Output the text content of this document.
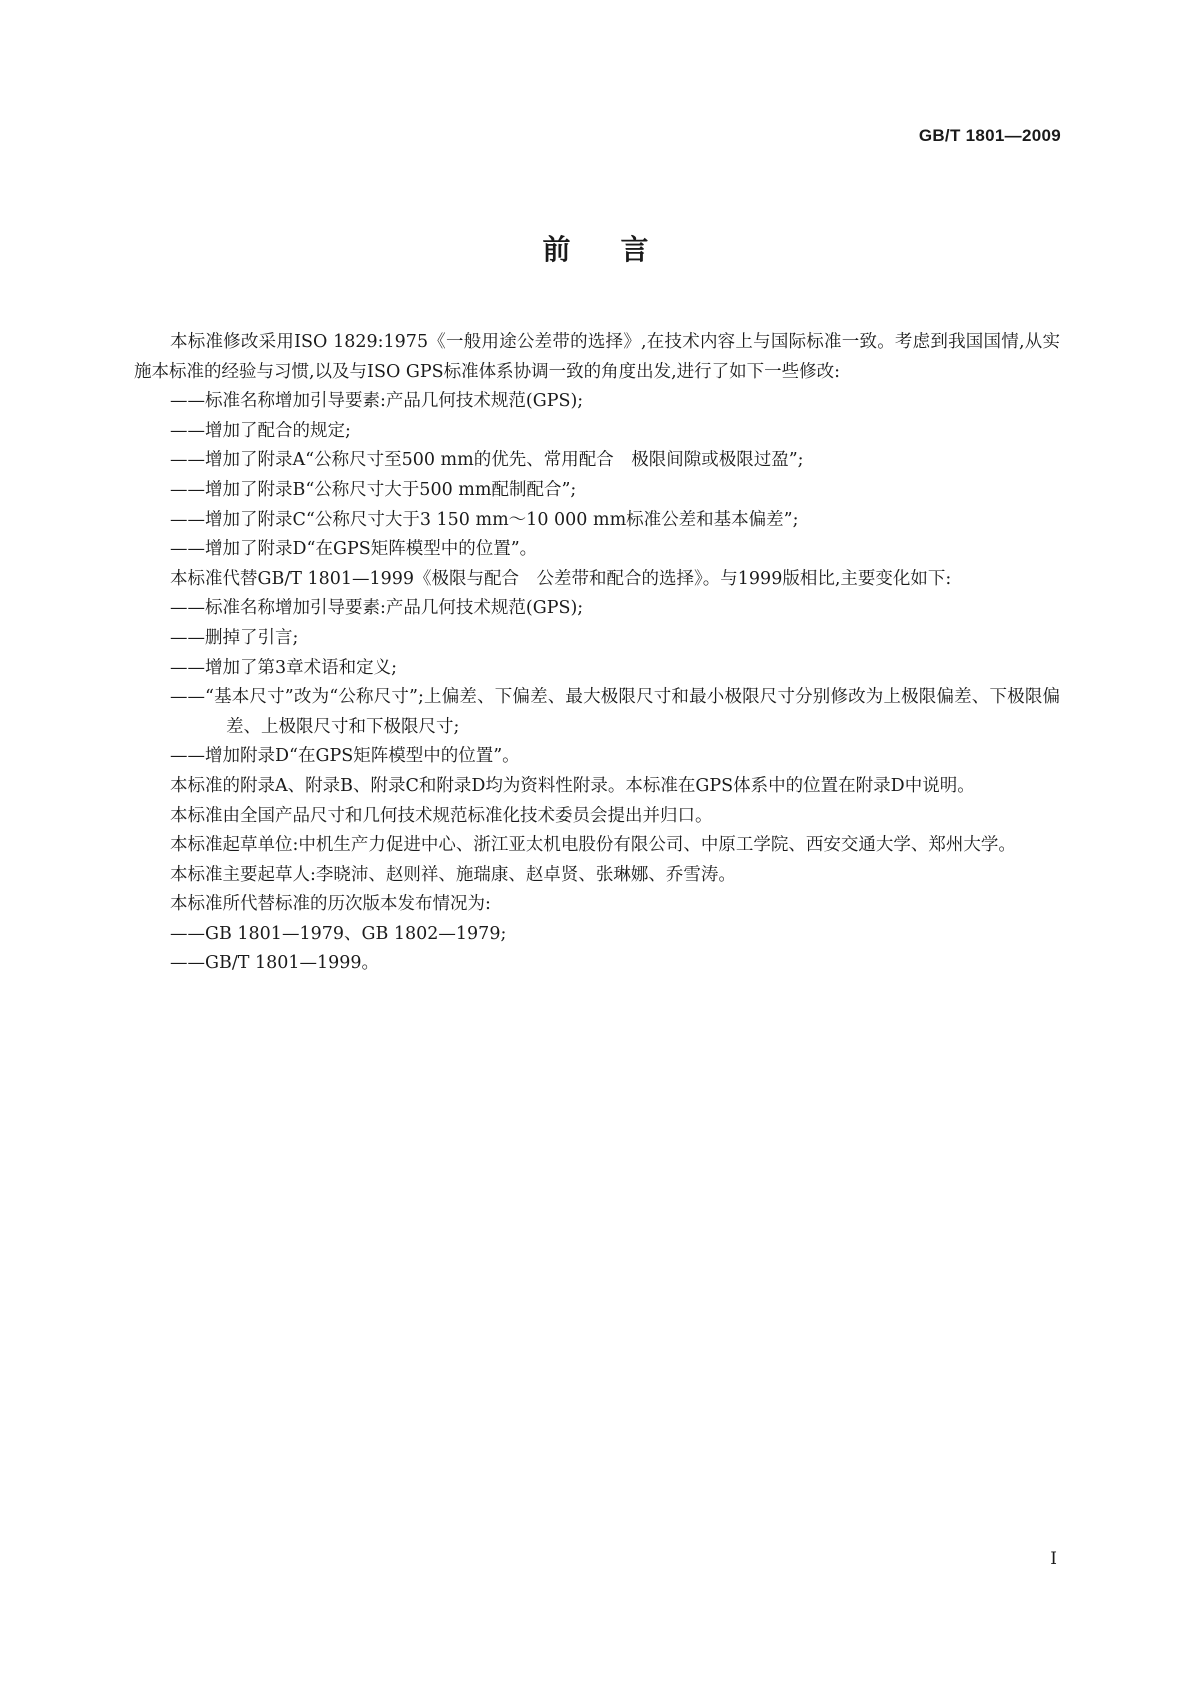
GB/T 1801—2009
前言

本标准修改采用ISO 1829:1975《一般用途公差带的选择》,在技术内容上与国际标准一致。考虑到我国国情,从实施本标准的经验与习惯,以及与ISO GPS标准体系协调一致的角度出发,进行了如下一些修改:

——标准名称增加引导要素:产品几何技术规范(GPS);

——增加了配合的规定;

——增加了附录A“公称尺寸至500 mm的优先、常用配合　极限间隙或极限过盈”;

——增加了附录B“公称尺寸大于500 mm配制配合”;

——增加了附录C“公称尺寸大于3 150 mm～10 000 mm标准公差和基本偏差”;

——增加了附录D“在GPS矩阵模型中的位置”。

本标准代替GB/T 1801—1999《极限与配合　公差带和配合的选择》。与1999版相比,主要变化如下:

——标准名称增加引导要素:产品几何技术规范(GPS);

——删掉了引言;

——增加了第3章术语和定义;

——“基本尺寸”改为“公称尺寸”;上偏差、下偏差、最大极限尺寸和最小极限尺寸分别修改为上极限偏差、下极限偏差、上极限尺寸和下极限尺寸;

——增加附录D“在GPS矩阵模型中的位置”。

本标准的附录A、附录B、附录C和附录D均为资料性附录。本标准在GPS体系中的位置在附录D中说明。

本标准由全国产品尺寸和几何技术规范标准化技术委员会提出并归口。

本标准起草单位:中机生产力促进中心、浙江亚太机电股份有限公司、中原工学院、西安交通大学、郑州大学。

本标准主要起草人:李晓沛、赵则祥、施瑞康、赵卓贤、张琳娜、乔雪涛。

本标准所代替标准的历次版本发布情况为:

——GB 1801—1979、GB 1802—1979;

——GB/T 1801—1999。

I
